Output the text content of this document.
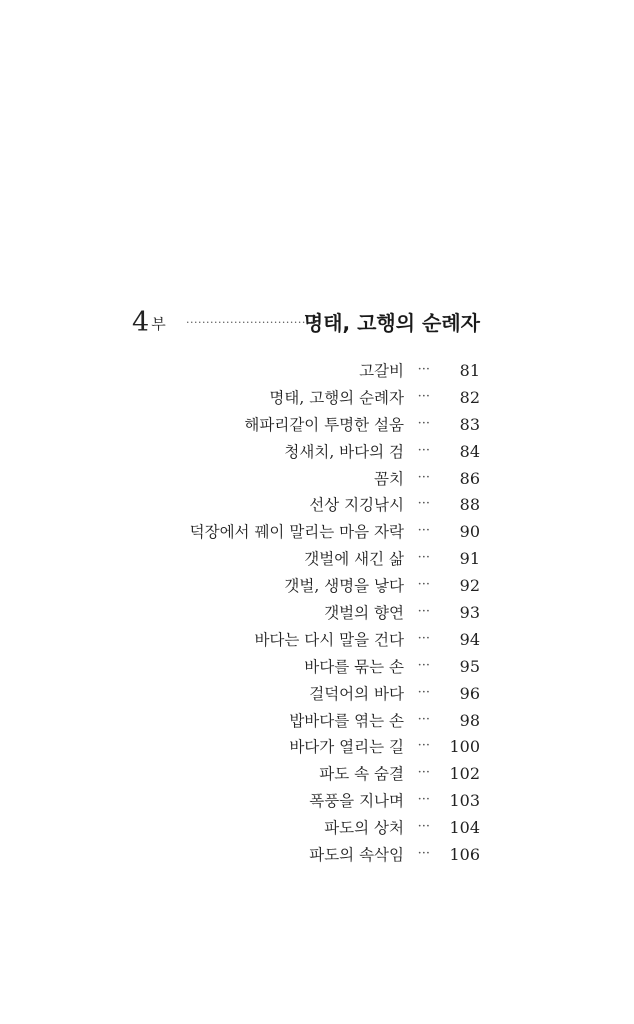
4 부 ·································
명태, 고행의 순례자
고갈비 ··· 81
명태, 고행의 순례자 ··· 82
해파리같이 투명한 설움 ··· 83
청새치, 바다의 검 ··· 84
꼼치 ··· 86
선상 지깅낚시 ··· 88
덕장에서 꿰이 말리는 마음 자락 ··· 90
갯벌에 새긴 삶 ··· 91
갯벌, 생명을 낳다 ··· 92
갯벌의 향연 ··· 93
바다는 다시 말을 건다 ··· 94
바다를 묶는 손 ··· 95
걸덕어의 바다 ··· 96
밥바다를 엮는 손 ··· 98
바다가 열리는 길 ··· 100
파도 속 숨결 ··· 102
폭풍을 지나며 ··· 103
파도의 상처 ··· 104
파도의 속삭임 ··· 106
